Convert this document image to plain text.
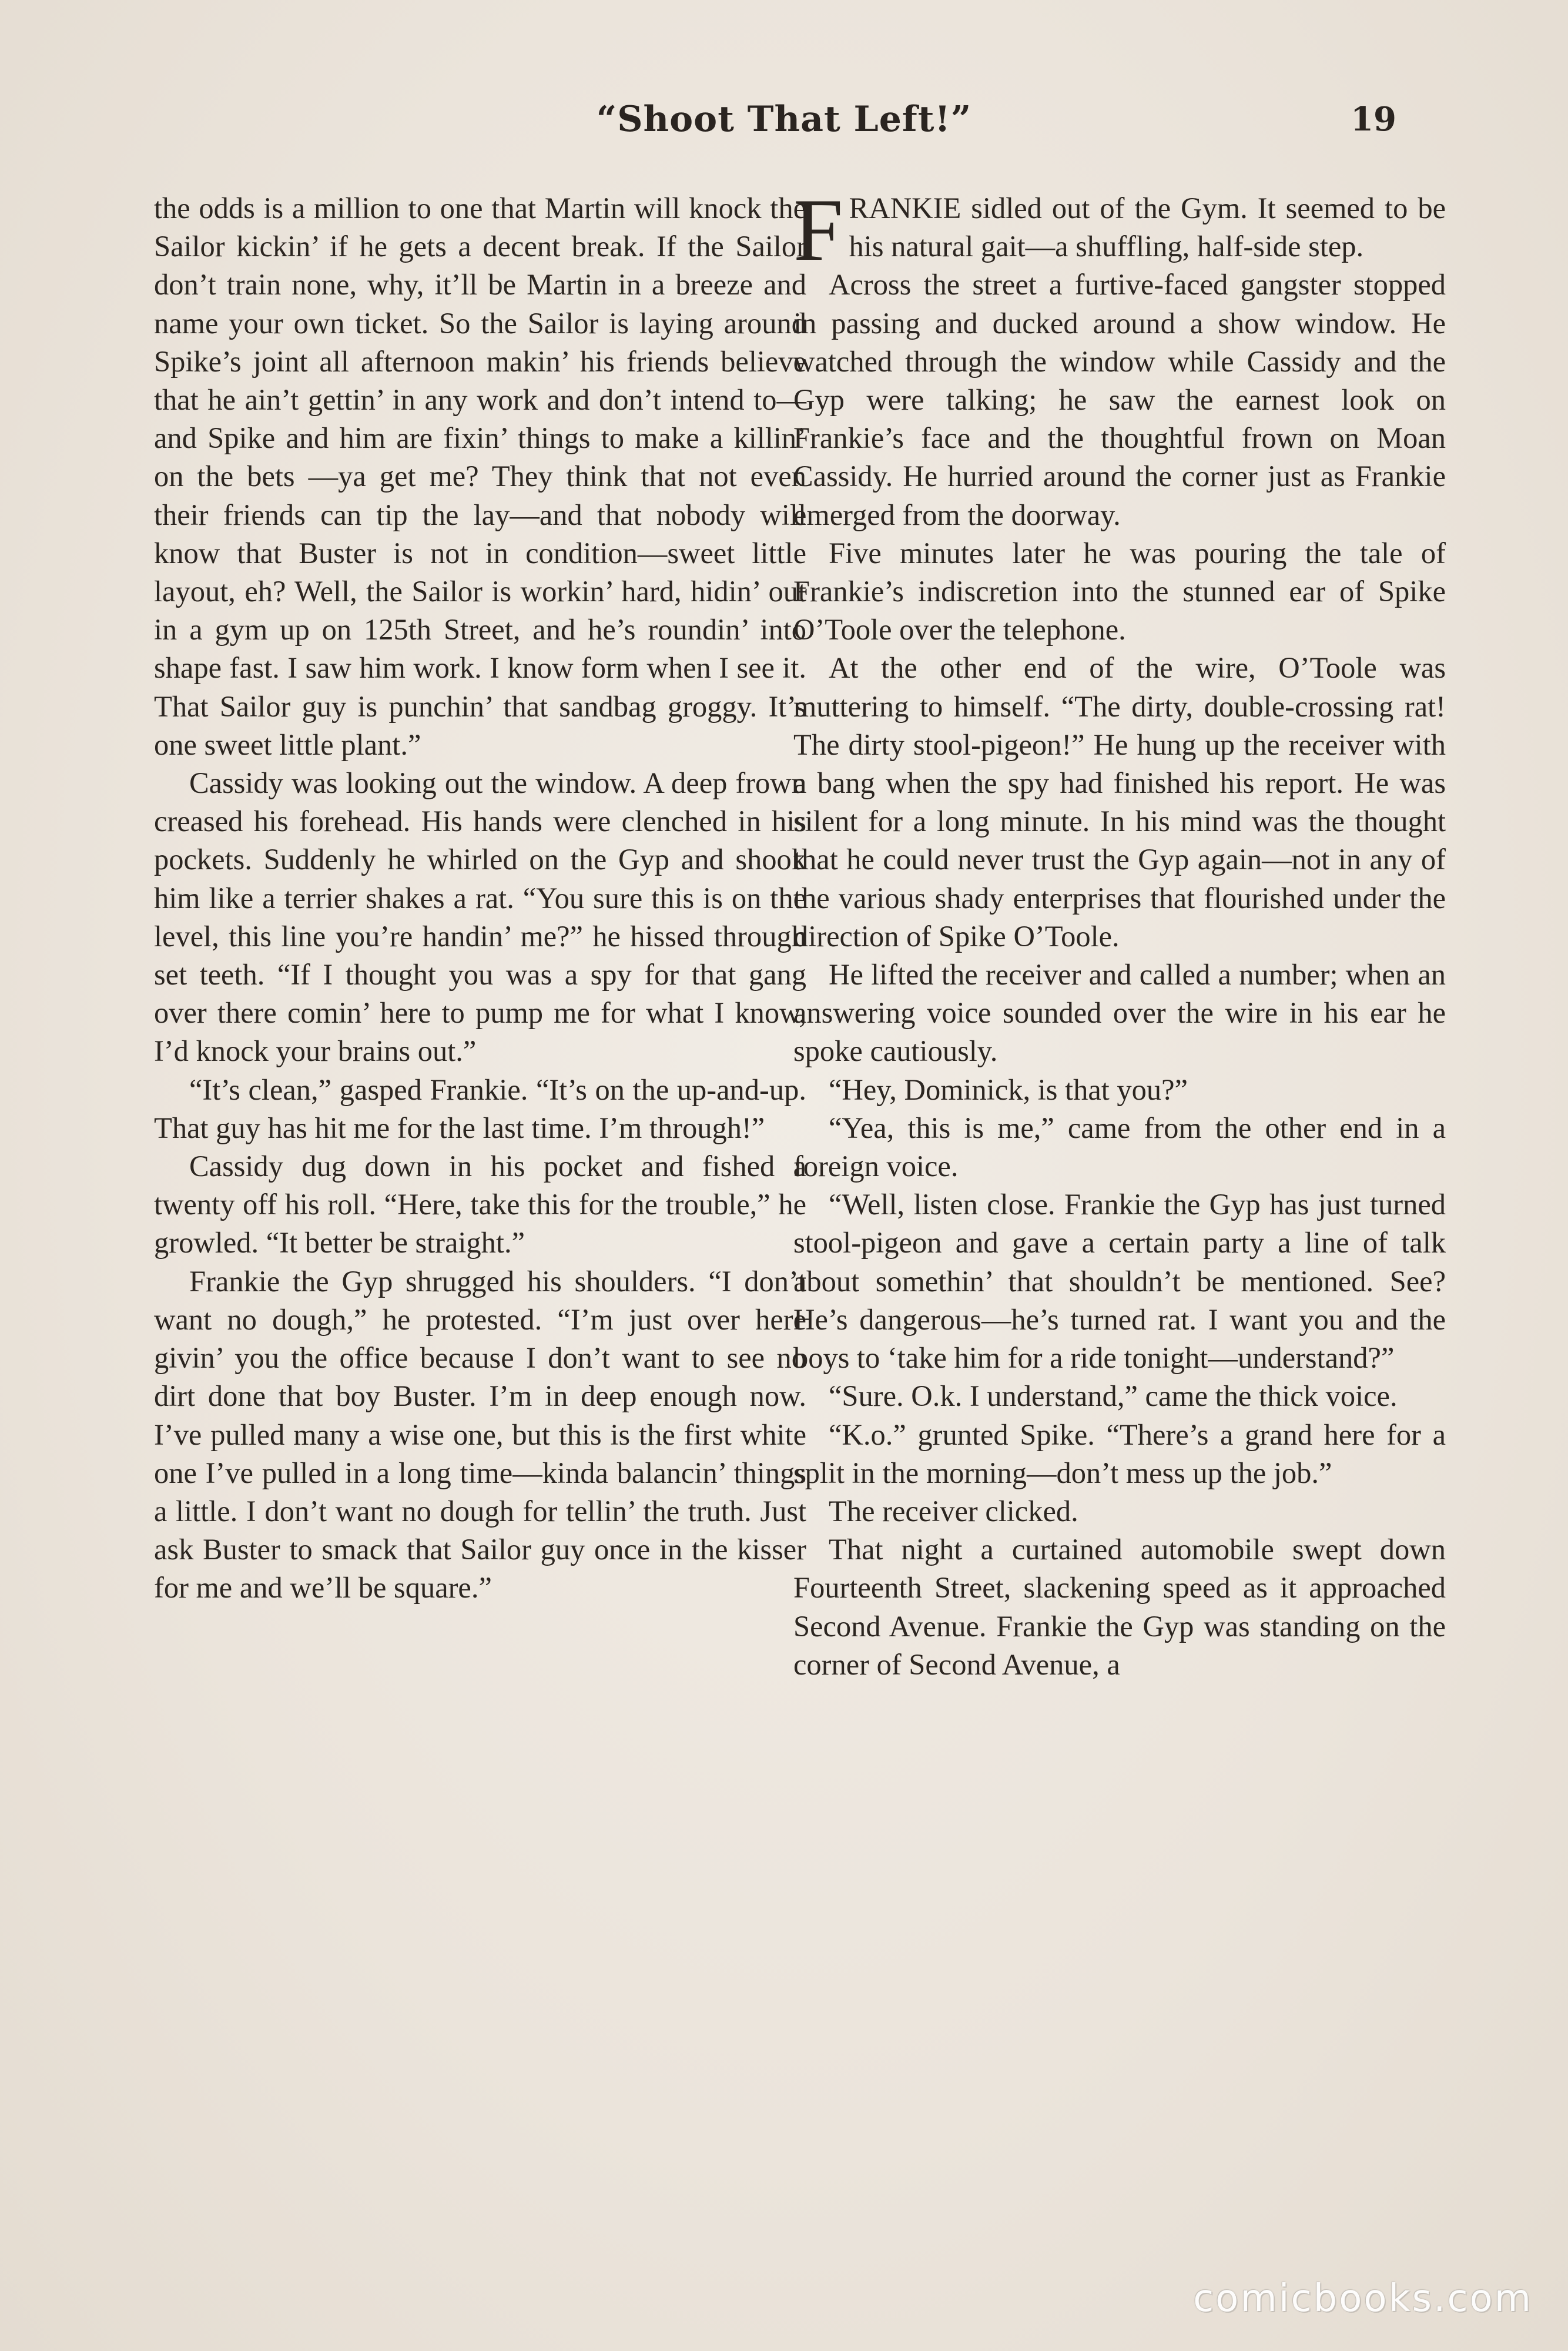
“Shoot That Left!”	19

the odds is a million to one that Martin will knock the Sailor kickin’ if he gets a decent break. If the Sailor don’t train none, why, it’ll be Martin in a breeze and name your own ticket. So the Sailor is laying around Spike’s joint all afternoon makin’ his friends believe that he ain’t gettin’ in any work and don’t intend to—and Spike and him are fixin’ things to make a killin’ on the bets —ya get me? They think that not even their friends can tip the lay—and that nobody will know that Buster is not in condition—sweet little layout, eh? Well, the Sailor is workin’ hard, hidin’ out in a gym up on 125th Street, and he’s roundin’ into shape fast. I saw him work. I know form when I see it. That Sailor guy is punchin’ that sandbag groggy. It’s one sweet little plant.”

Cassidy was looking out the window. A deep frown creased his forehead. His hands were clenched in his pockets. Suddenly he whirled on the Gyp and shook him like a terrier shakes a rat. “You sure this is on the level, this line you’re handin’ me?” he hissed through set teeth. “If I thought you was a spy for that gang over there comin’ here to pump me for what I know, I’d knock your brains out.”

“It’s clean,” gasped Frankie. “It’s on the up-and-up. That guy has hit me for the last time. I’m through!”

Cassidy dug down in his pocket and fished a twenty off his roll. “Here, take this for the trouble,” he growled. “It better be straight.”

Frankie the Gyp shrugged his shoulders. “I don’t want no dough,” he protested. “I’m just over here givin’ you the office because I don’t want to see no dirt done that boy Buster. I’m in deep enough now. I’ve pulled many a wise one, but this is the first white one I’ve pulled in a long time—kinda balancin’ things a little. I don’t want no dough for tellin’ the truth. Just ask Buster to smack that Sailor guy once in the kisser for me and we’ll be square.”

FRANKIE sidled out of the Gym. It seemed to be his natural gait—a shuffling, half-side step.

Across the street a furtive-faced gangster stopped in passing and ducked around a show window. He watched through the window while Cassidy and the Gyp were talking; he saw the earnest look on Frankie’s face and the thoughtful frown on Moan Cassidy. He hurried around the corner just as Frankie emerged from the doorway.

Five minutes later he was pouring the tale of Frankie’s indiscretion into the stunned ear of Spike O’Toole over the telephone.

At the other end of the wire, O’Toole was muttering to himself. “The dirty, double-crossing rat! The dirty stool-pigeon!” He hung up the receiver with a bang when the spy had finished his report. He was silent for a long minute. In his mind was the thought that he could never trust the Gyp again—not in any of the various shady enterprises that flourished under the direction of Spike O’Toole.

He lifted the receiver and called a number; when an answering voice sounded over the wire in his ear he spoke cautiously.

“Hey, Dominick, is that you?”

“Yea, this is me,” came from the other end in a foreign voice.

“Well, listen close. Frankie the Gyp has just turned stool-pigeon and gave a certain party a line of talk about somethin’ that shouldn’t be mentioned. See? He’s dangerous—he’s turned rat. I want you and the boys to ‘take him for a ride tonight—understand?”

“Sure. O.k. I understand,” came the thick voice.

“K.o.” grunted Spike. “There’s a grand here for a split in the morning—don’t mess up the job.”

The receiver clicked.

That night a curtained automobile swept down Fourteenth Street, slackening speed as it approached Second Avenue. Frankie the Gyp was standing on the corner of Second Avenue, a

comicbooks.com
